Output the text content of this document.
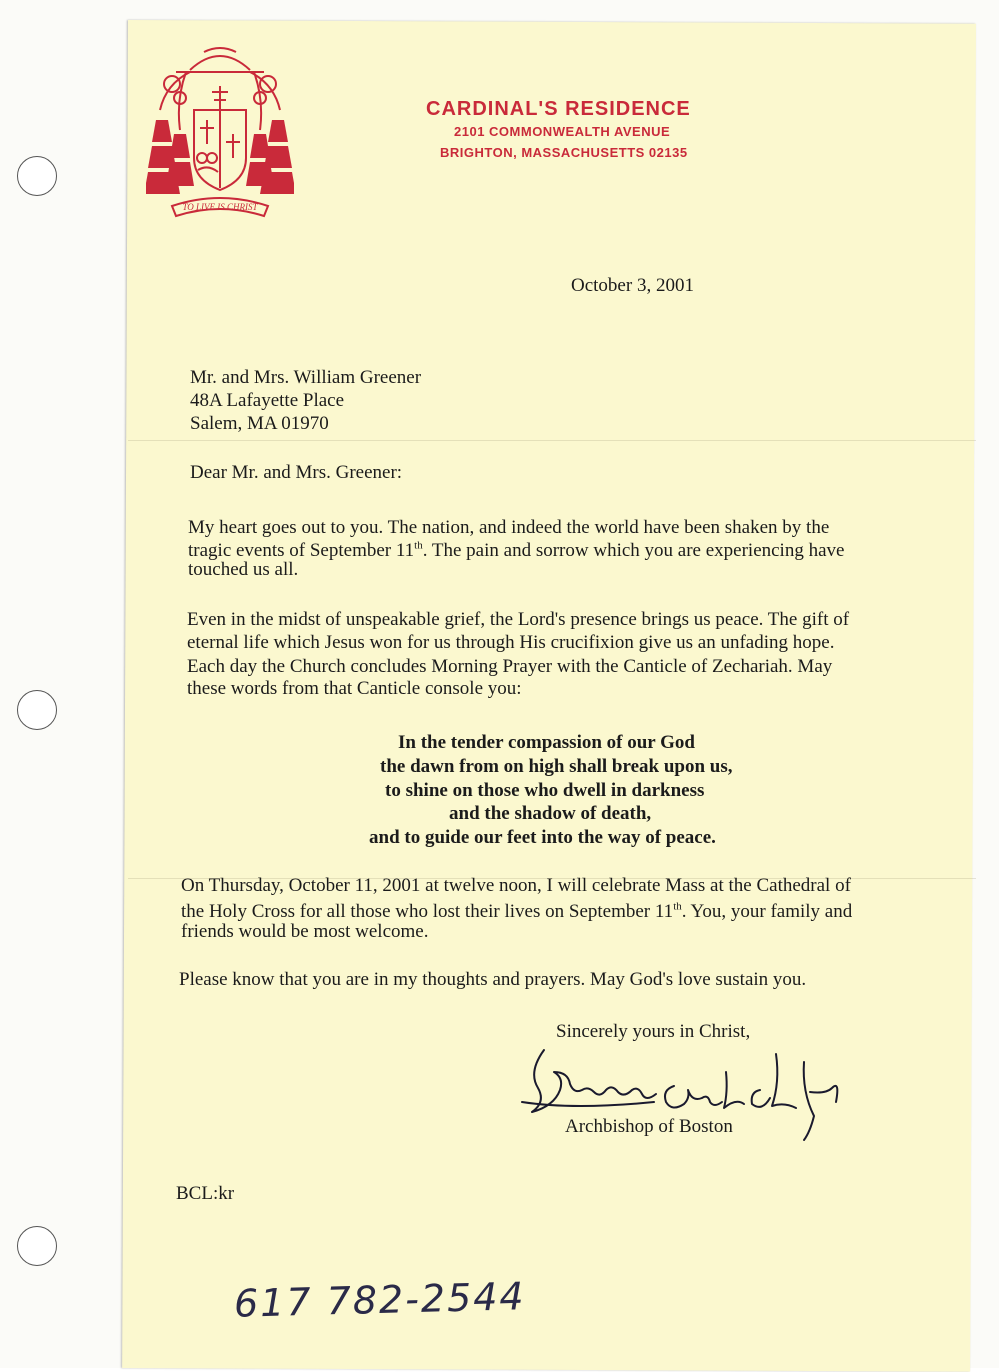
TO LIVE IS CHRIST
CARDINAL'S RESIDENCE
2101 COMMONWEALTH AVENUE
BRIGHTON, MASSACHUSETTS 02135
October 3, 2001
Mr. and Mrs. William Greener
48A Lafayette Place
Salem, MA 01970
Dear Mr. and Mrs. Greener:
My heart goes out to you. The nation, and indeed the world have been shaken by the
tragic events of September 11th. The pain and sorrow which you are experiencing have
touched us all.
Even in the midst of unspeakable grief, the Lord's presence brings us peace. The gift of
eternal life which Jesus won for us through His crucifixion give us an unfading hope.
Each day the Church concludes Morning Prayer with the Canticle of Zechariah. May
these words from that Canticle console you:
In the tender compassion of our God
the dawn from on high shall break upon us,
to shine on those who dwell in darkness
and the shadow of death,
and to guide our feet into the way of peace.
On Thursday, October 11, 2001 at twelve noon, I will celebrate Mass at the Cathedral of
the Holy Cross for all those who lost their lives on September 11th. You, your family and
friends would be most welcome.
Please know that you are in my thoughts and prayers. May God's love sustain you.
Sincerely yours in Christ,
Archbishop of Boston
BCL:kr
617 782-2544
